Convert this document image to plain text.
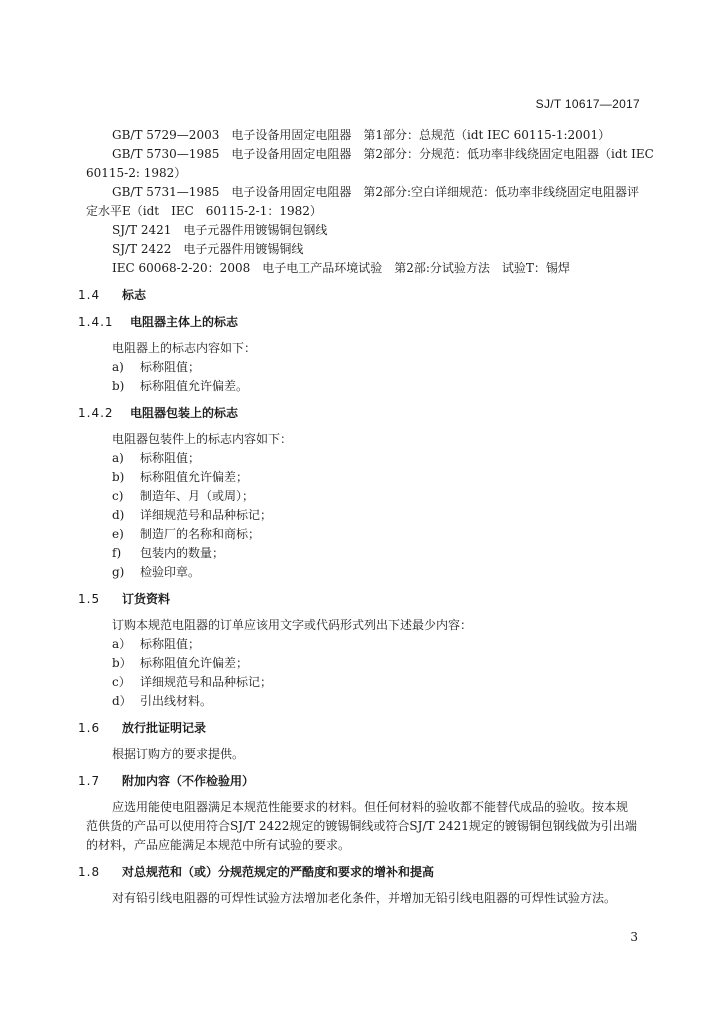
SJ/T 10617—2017
GB/T 5729—2003　电子设备用固定电阻器　第1部分：总规范（idt IEC 60115-1:2001）
GB/T 5730—1985　电子设备用固定电阻器　第2部分：分规范：低功率非线绕固定电阻器（idt IEC
60115-2: 1982）
GB/T 5731—1985　电子设备用固定电阻器　第2部分:空白详细规范：低功率非线绕固定电阻器评
定水平E（idt　IEC　60115-2-1：1982）
SJ/T 2421　电子元器件用镀锡铜包钢线
SJ/T 2422　电子元器件用镀锡铜线
IEC 60068-2-20：2008　电子电工产品环境试验　第2部:分试验方法　试验T：锡焊
1.4 标志
1.4.1 电阻器主体上的标志
电阻器上的标志内容如下：
a) 标称阻值；
b) 标称阻值允许偏差。
1.4.2 电阻器包装上的标志
电阻器包装件上的标志内容如下：
a) 标称阻值；
b) 标称阻值允许偏差；
c) 制造年、月（或周）；
d) 详细规范号和品种标记；
e) 制造厂的名称和商标；
f) 包装内的数量；
g) 检验印章。
1.5 订货资料
订购本规范电阻器的订单应该用文字或代码形式列出下述最少内容：
a） 标称阻值；
b） 标称阻值允许偏差；
c） 详细规范号和品种标记；
d） 引出线材料。
1.6 放行批证明记录
根据订购方的要求提供。
1.7 附加内容（不作检验用）
应选用能使电阻器满足本规范性能要求的材料。但任何材料的验收都不能替代成品的验收。按本规
范供货的产品可以使用符合SJ/T 2422规定的镀锡铜线或符合SJ/T 2421规定的镀锡铜包钢线做为引出端
的材料，产品应能满足本规范中所有试验的要求。
1.8 对总规范和（或）分规范规定的严酷度和要求的增补和提高
对有铅引线电阻器的可焊性试验方法增加老化条件，并增加无铅引线电阻器的可焊性试验方法。
3
